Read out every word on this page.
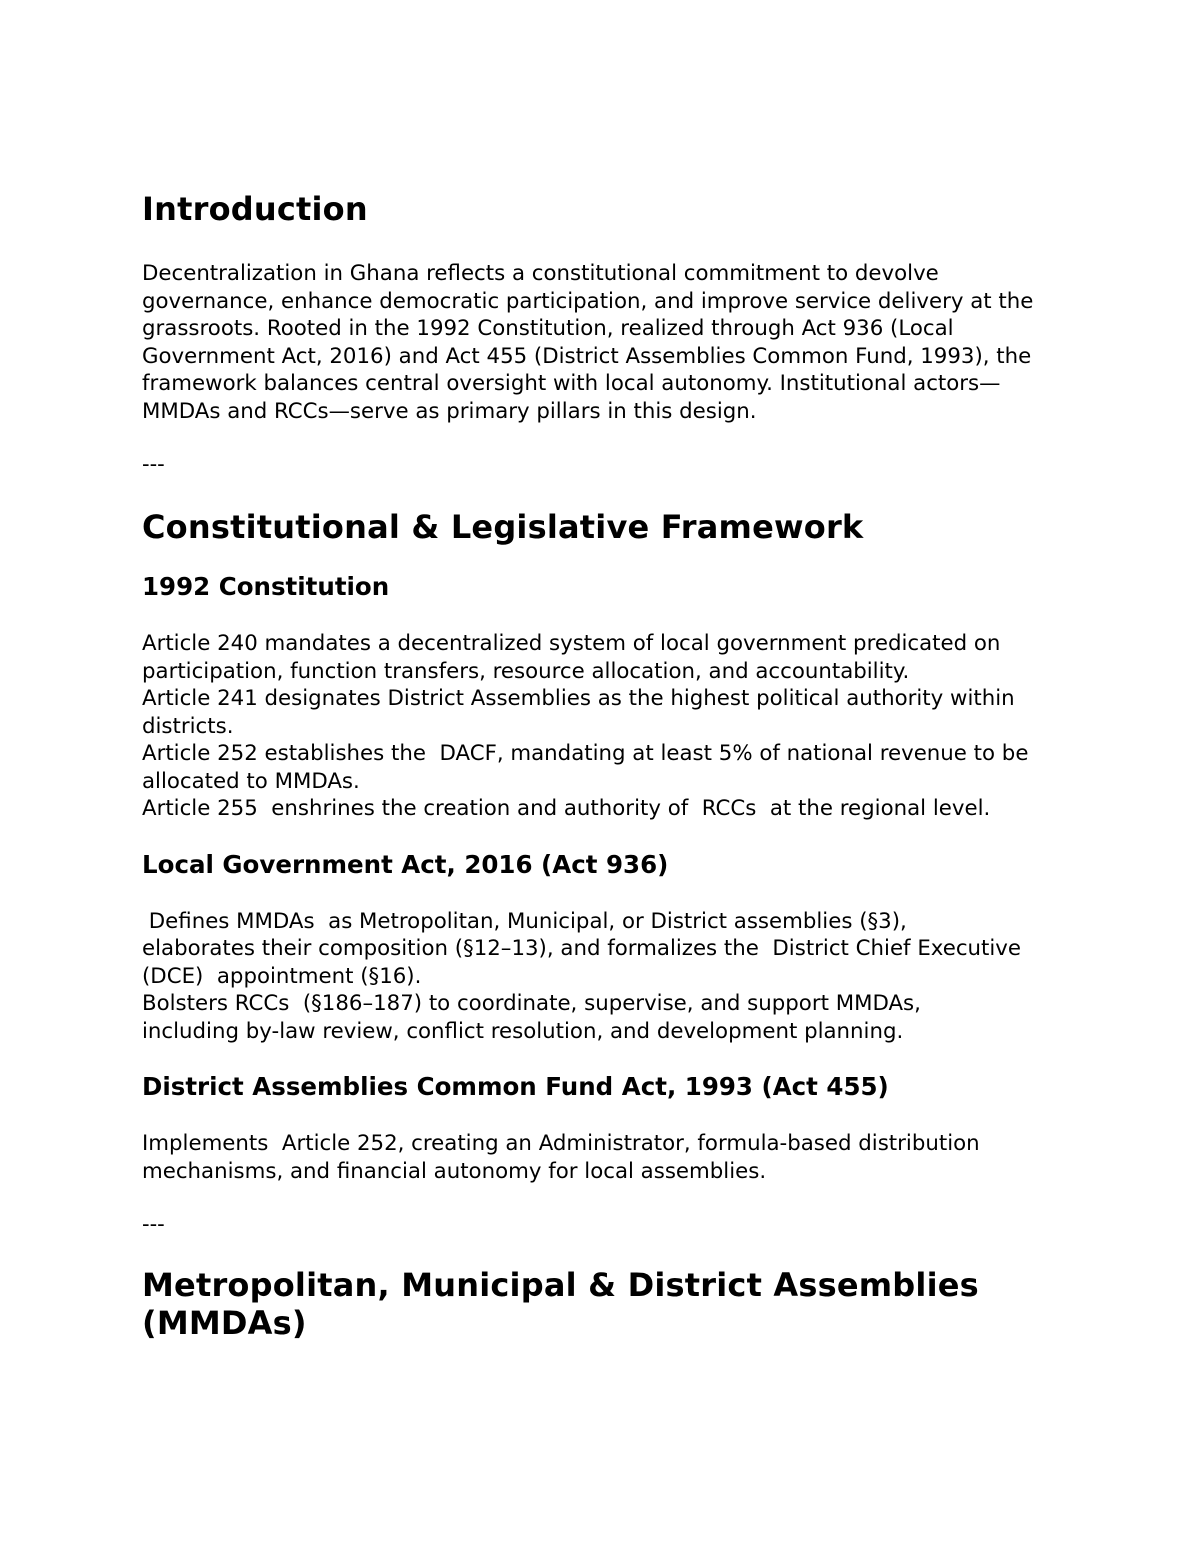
Introduction

Decentralization in Ghana reflects a constitutional commitment to devolve governance, enhance democratic participation, and improve service delivery at the grassroots. Rooted in the 1992 Constitution, realized through Act 936 (Local Government Act, 2016) and Act 455 (District Assemblies Common Fund, 1993), the framework balances central oversight with local autonomy. Institutional actors—MMDAs and RCCs—serve as primary pillars in this design.

---

Constitutional & Legislative Framework
1992 Constitution

Article 240 mandates a decentralized system of local government predicated on participation, function transfers, resource allocation, and accountability.
Article 241 designates District Assemblies as the highest political authority within districts.
Article 252 establishes the  DACF, mandating at least 5% of national revenue to be allocated to MMDAs.
Article 255  enshrines the creation and authority of  RCCs  at the regional level.

Local Government Act, 2016 (Act 936)

Defines MMDAs  as Metropolitan, Municipal, or District assemblies (§3), elaborates their composition (§12–13), and formalizes the  District Chief Executive (DCE)  appointment (§16).
Bolsters RCCs  (§186–187) to coordinate, supervise, and support MMDAs, including by-law review, conflict resolution, and development planning.

District Assemblies Common Fund Act, 1993 (Act 455)

Implements  Article 252, creating an Administrator, formula-based distribution mechanisms, and financial autonomy for local assemblies.

---

Metropolitan, Municipal & District Assemblies (MMDAs)
